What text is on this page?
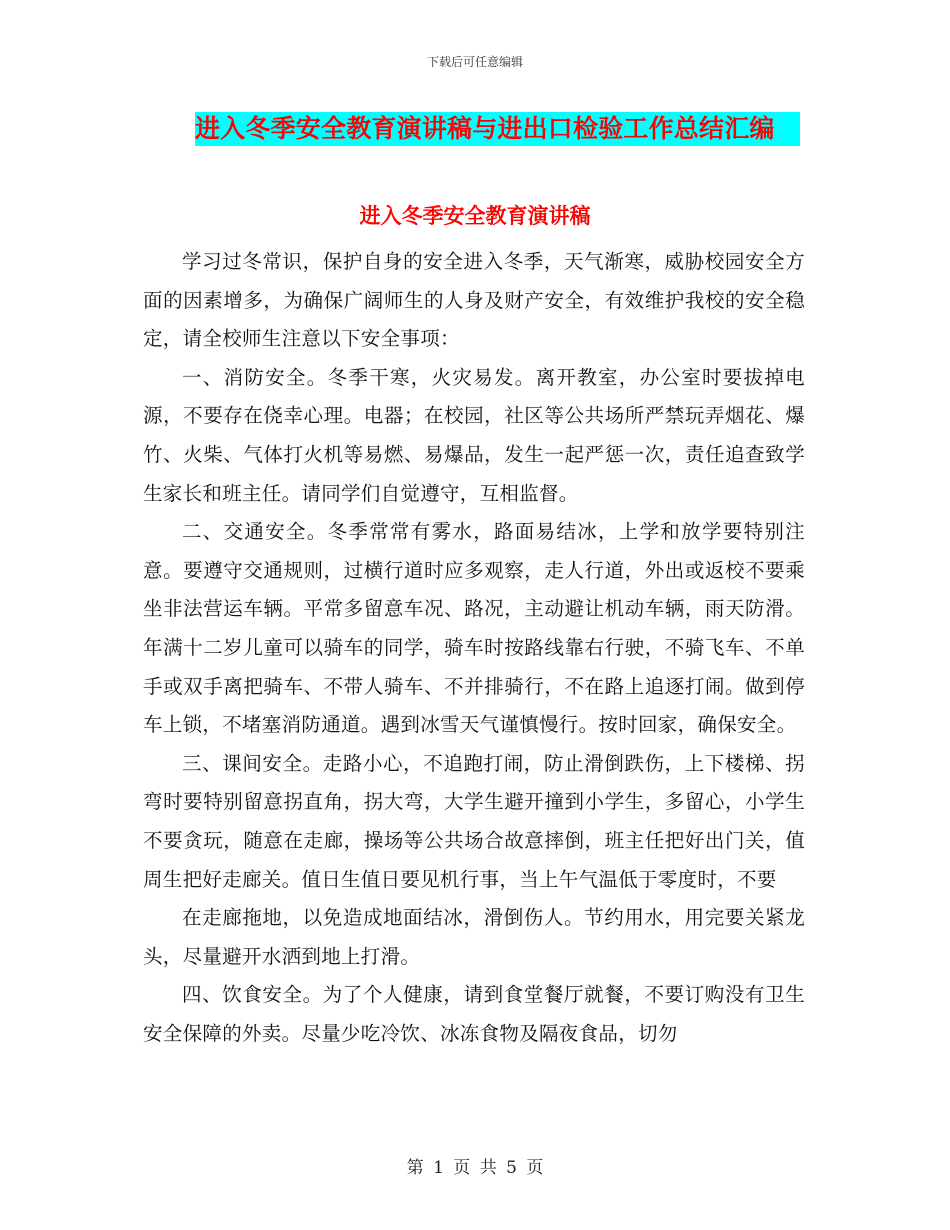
下载后可任意编辑
进入冬季安全教育演讲稿与进出口检验工作总结汇编
进入冬季安全教育演讲稿

学习过冬常识，保护自身的安全进入冬季，天气渐寒，威胁校园安全方面的因素增多，为确保广阔师生的人身及财产安全，有效维护我校的安全稳定，请全校师生注意以下安全事项：

一、消防安全。冬季干寒，火灾易发。离开教室，办公室时要拔掉电源，不要存在侥幸心理。电器；在校园，社区等公共场所严禁玩弄烟花、爆竹、火柴、气体打火机等易燃、易爆品，发生一起严惩一次，责任追查致学生家长和班主任。请同学们自觉遵守，互相监督。

二、交通安全。冬季常常有雾水，路面易结冰，上学和放学要特别注意。要遵守交通规则，过横行道时应多观察，走人行道，外出或返校不要乘坐非法营运车辆。平常多留意车况、路况，主动避让机动车辆，雨天防滑。年满十二岁儿童可以骑车的同学，骑车时按路线靠右行驶，不骑飞车、不单手或双手离把骑车、不带人骑车、不并排骑行，不在路上追逐打闹。做到停车上锁，不堵塞消防通道。遇到冰雪天气谨慎慢行。按时回家，确保安全。

三、课间安全。走路小心，不追跑打闹，防止滑倒跌伤，上下楼梯、拐弯时要特别留意拐直角，拐大弯，大学生避开撞到小学生，多留心，小学生不要贪玩，随意在走廊，操场等公共场合故意摔倒，班主任把好出门关，值周生把好走廊关。值日生值日要见机行事，当上午气温低于零度时，不要

在走廊拖地，以免造成地面结冰，滑倒伤人。节约用水，用完要关紧龙头，尽量避开水洒到地上打滑。

四、饮食安全。为了个人健康，请到食堂餐厅就餐，不要订购没有卫生安全保障的外卖。尽量少吃冷饮、冰冻食物及隔夜食品，切勿

第 1 页 共 5 页
